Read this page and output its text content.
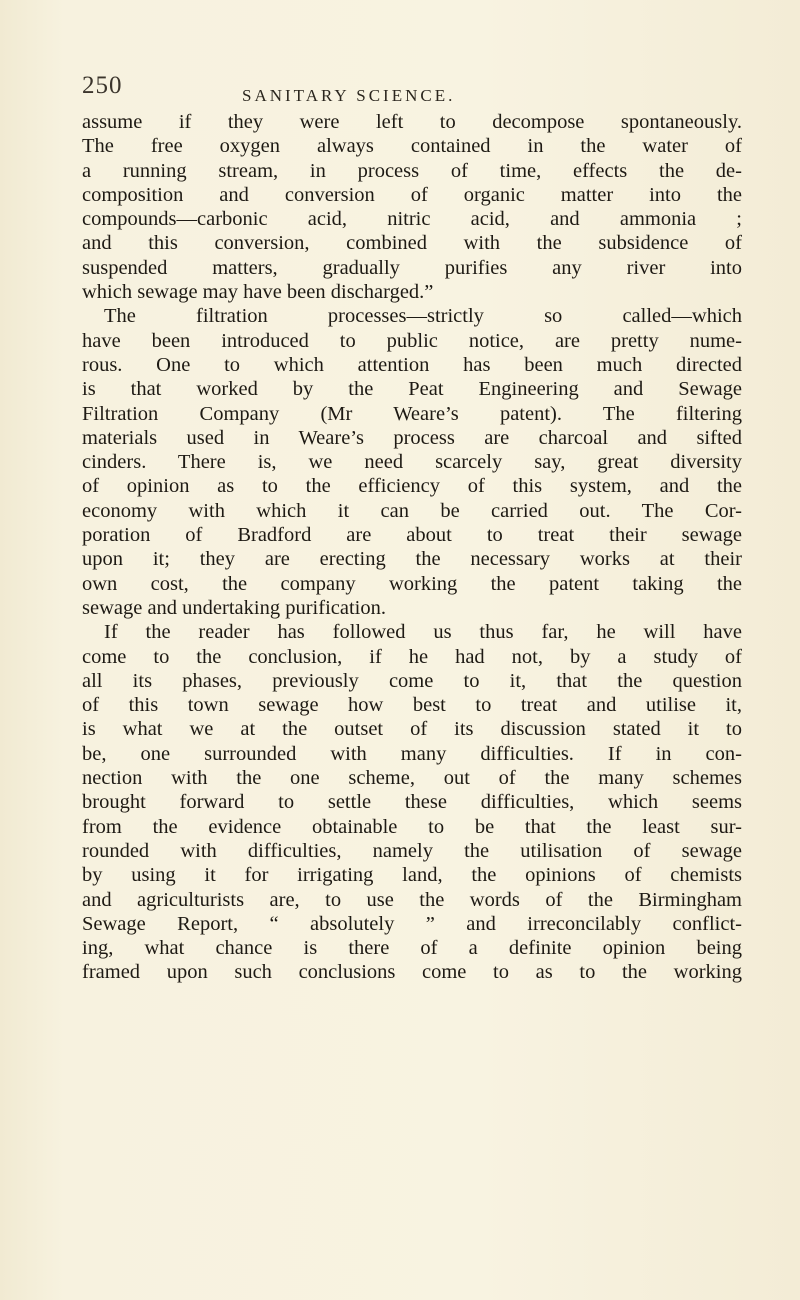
250	SANITARY SCIENCE.
assume if they were left to decompose spontaneously.
The free oxygen always contained in the water of
a running stream, in process of time, effects the de-
composition and conversion of organic matter into the
compounds—carbonic acid, nitric acid, and ammonia ;
and this conversion, combined with the subsidence of
suspended matters, gradually purifies any river into
which sewage may have been discharged.”
The filtration processes—strictly so called—which
have been introduced to public notice, are pretty nume-
rous. One to which attention has been much directed
is that worked by the Peat Engineering and Sewage
Filtration Company (Mr Weare’s patent). The filtering
materials used in Weare’s process are charcoal and sifted
cinders. There is, we need scarcely say, great diversity
of opinion as to the efficiency of this system, and the
economy with which it can be carried out. The Cor-
poration of Bradford are about to treat their sewage
upon it; they are erecting the necessary works at their
own cost, the company working the patent taking the
sewage and undertaking purification.
If the reader has followed us thus far, he will have
come to the conclusion, if he had not, by a study of
all its phases, previously come to it, that the question
of this town sewage how best to treat and utilise it,
is what we at the outset of its discussion stated it to
be, one surrounded with many difficulties. If in con-
nection with the one scheme, out of the many schemes
brought forward to settle these difficulties, which seems
from the evidence obtainable to be that the least sur-
rounded with difficulties, namely the utilisation of sewage
by using it for irrigating land, the opinions of chemists
and agriculturists are, to use the words of the Birmingham
Sewage Report, “ absolutely ” and irreconcilably conflict-
ing, what chance is there of a definite opinion being
framed upon such conclusions come to as to the working
